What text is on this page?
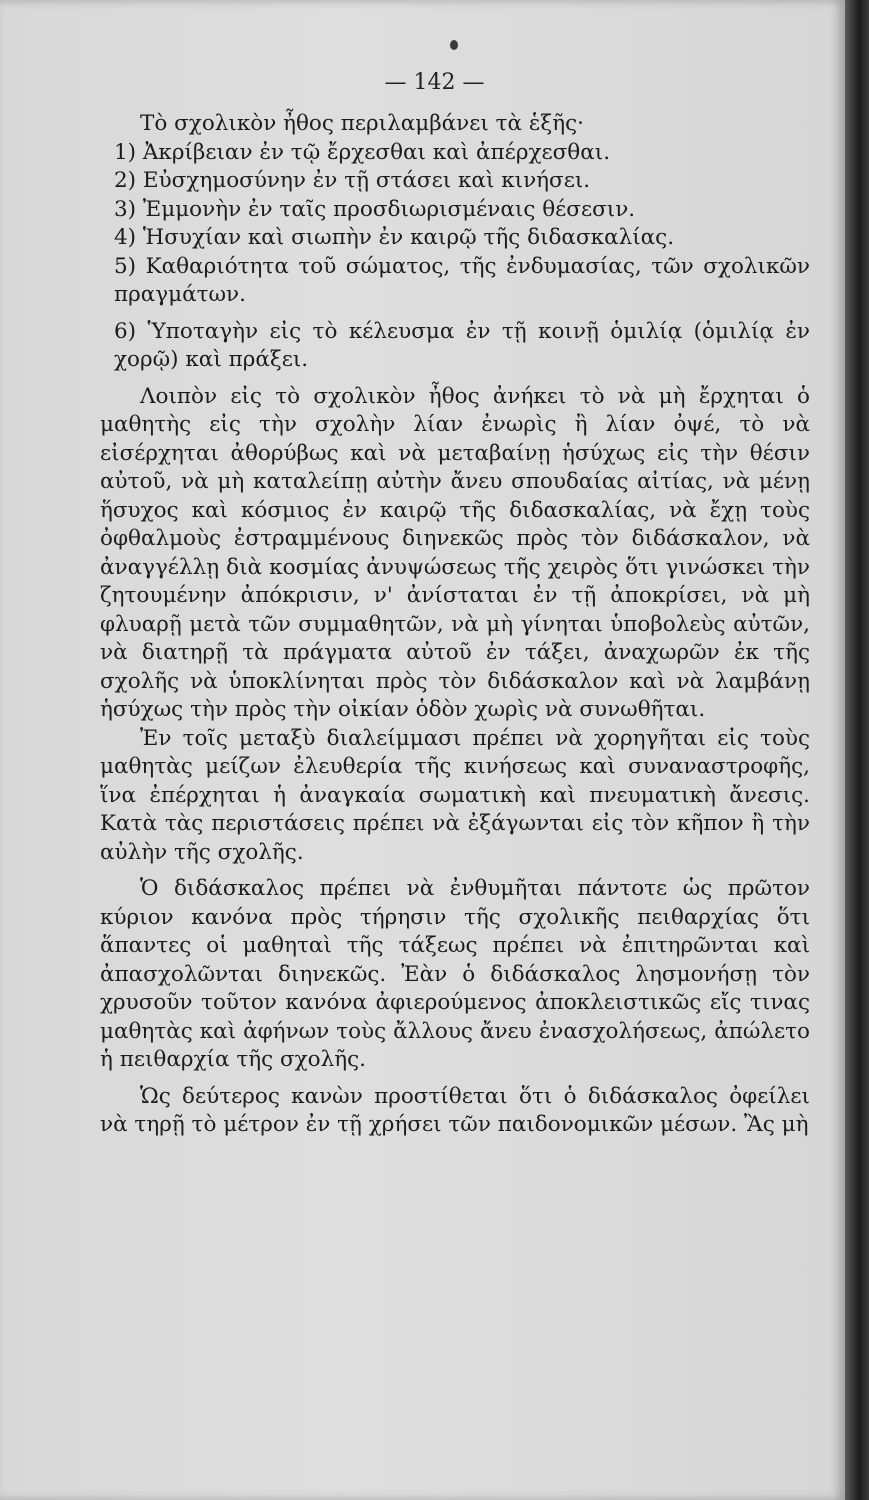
— 142 —

Τὸ σχολικὸν ἦθος περιλαμβάνει τὰ ἑξῆς·

1) Ἀκρίβειαν ἐν τῷ ἔρχεσθαι καὶ ἀπέρχεσθαι.

2) Εὐσχημοσύνην ἐν τῇ στάσει καὶ κινήσει.

3) Ἐμμονὴν ἐν ταῖς προσδιωρισμέναις θέσεσιν.

4) Ἡσυχίαν καὶ σιωπὴν ἐν καιρῷ τῆς διδασκαλίας.

5) Καθαριότητα τοῦ σώματος, τῆς ἐνδυμασίας, τῶν σχολικῶν πραγμάτων.

6) Ὑποταγὴν εἰς τὸ κέλευσμα ἐν τῇ κοινῇ ὁμιλίᾳ (ὁμιλίᾳ ἐν χορῷ) καὶ πράξει.

Λοιπὸν εἰς τὸ σχολικὸν ἦθος ἀνήκει τὸ νὰ μὴ ἔρχηται ὁ μαθητὴς εἰς τὴν σχολὴν λίαν ἐνωρὶς ἢ λίαν ὀψέ, τὸ νὰ εἰσέρχηται ἀθορύβως καὶ νὰ μεταβαίνῃ ἡσύχως εἰς τὴν θέσιν αὐτοῦ, νὰ μὴ καταλείπῃ αὐτὴν ἄνευ σπουδαίας αἰτίας, νὰ μένῃ ἥσυχος καὶ κόσμιος ἐν καιρῷ τῆς διδασκαλίας, νὰ ἔχῃ τοὺς ὀφθαλμοὺς ἐστραμμένους διηνεκῶς πρὸς τὸν διδάσκαλον, νὰ ἀναγγέλλῃ διὰ κοσμίας ἀνυψώσεως τῆς χειρὸς ὅτι γινώσκει τὴν ζητουμένην ἀπόκρισιν, ν' ἀνίσταται ἐν τῇ ἀποκρίσει, νὰ μὴ φλυαρῇ μετὰ τῶν συμμαθητῶν, νὰ μὴ γίνηται ὑποβολεὺς αὐτῶν, νὰ διατηρῇ τὰ πράγματα αὐτοῦ ἐν τάξει, ἀναχωρῶν ἐκ τῆς σχολῆς νὰ ὑποκλίνηται πρὸς τὸν διδάσκαλον καὶ νὰ λαμβάνῃ ἡσύχως τὴν πρὸς τὴν οἰκίαν ὁδὸν χωρὶς νὰ συνωθῆται.

Ἐν τοῖς μεταξὺ διαλείμμασι πρέπει νὰ χορηγῆται εἰς τοὺς μαθητὰς μείζων ἐλευθερία τῆς κινήσεως καὶ συναναστροφῆς, ἵνα ἐπέρχηται ἡ ἀναγκαία σωματικὴ καὶ πνευματικὴ ἄνεσις. Κατὰ τὰς περιστάσεις πρέπει νὰ ἐξάγωνται εἰς τὸν κῆπον ἢ τὴν αὐλὴν τῆς σχολῆς.

Ὁ διδάσκαλος πρέπει νὰ ἐνθυμῆται πάντοτε ὡς πρῶτον κύριον κανόνα πρὸς τήρησιν τῆς σχολικῆς πειθαρχίας ὅτι ἅπαντες οἱ μαθηταὶ τῆς τάξεως πρέπει νὰ ἐπιτηρῶνται καὶ ἀπασχολῶνται διηνεκῶς. Ἐὰν ὁ διδάσκαλος λησμονήσῃ τὸν χρυσοῦν τοῦτον κανόνα ἀφιερούμενος ἀποκλειστικῶς εἴς τινας μαθητὰς καὶ ἀφήνων τοὺς ἄλλους ἄνευ ἐνασχολήσεως, ἀπώλετο ἡ πειθαρχία τῆς σχολῆς.

Ὡς δεύτερος κανὼν προστίθεται ὅτι ὁ διδάσκαλος ὀφείλει νὰ τηρῇ τὸ μέτρον ἐν τῇ χρήσει τῶν παιδονομικῶν μέσων. Ἂς μὴ
